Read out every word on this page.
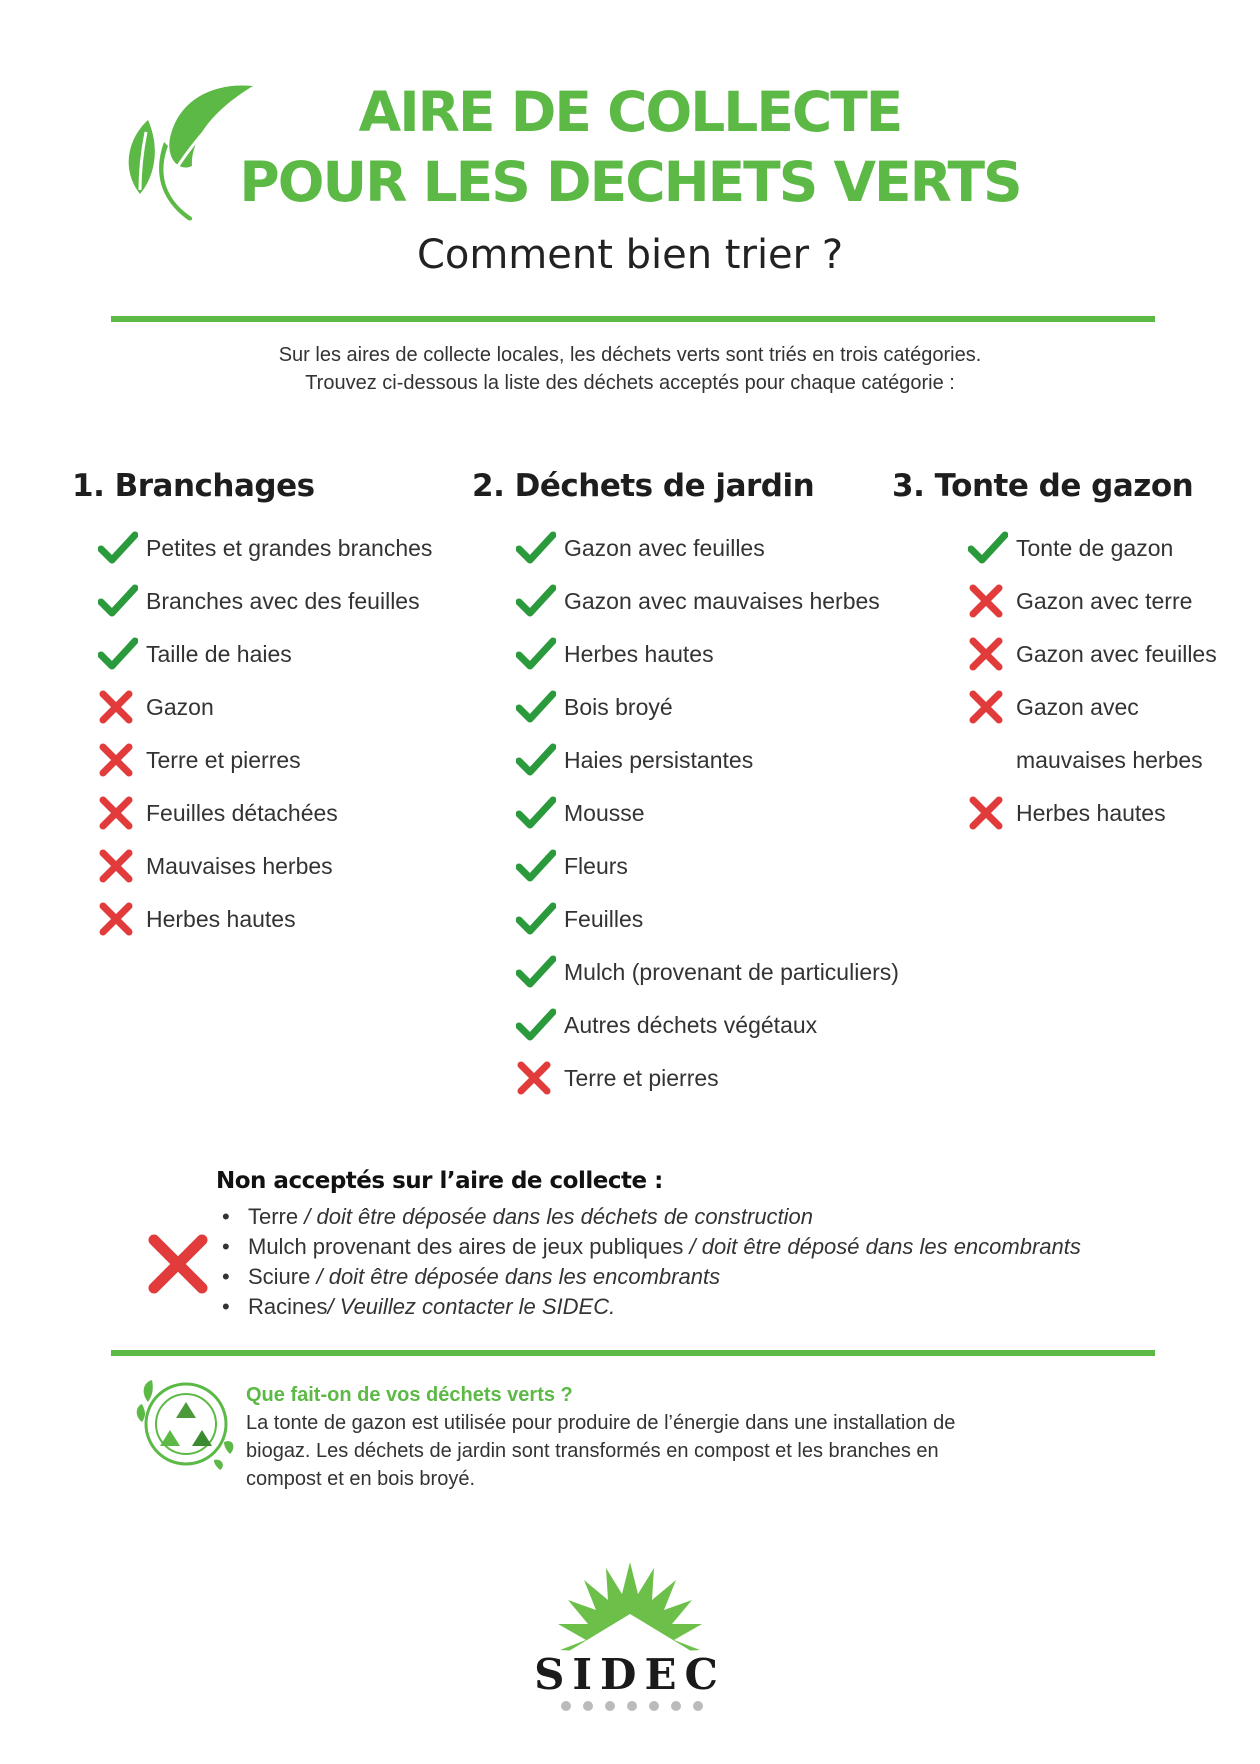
AIRE DE COLLECTE
POUR LES DECHETS VERTS
Comment bien trier ?
Sur les aires de collecte locales, les déchets verts sont triés en trois catégories.
Trouvez ci-dessous la liste des déchets acceptés pour chaque catégorie :
1. Branchages
Petites et grandes branches
Branches avec des feuilles
Taille de haies
Gazon
Terre et pierres
Feuilles détachées
Mauvaises herbes
Herbes hautes
2. Déchets de jardin
Gazon avec feuilles
Gazon avec mauvaises herbes
Herbes hautes
Bois broyé
Haies persistantes
Mousse
Fleurs
Feuilles
Mulch (provenant de particuliers)
Autres déchets végétaux
Terre et pierres
3. Tonte de gazon
Tonte de gazon
Gazon avec terre
Gazon avec feuilles
Gazon avec
mauvaises herbes
Herbes hautes
Non acceptés sur l’aire de collecte :
• Terre / doit être déposée dans les déchets de construction
• Mulch provenant des aires de jeux publiques / doit être déposé dans les encombrants
• Sciure / doit être déposée dans les encombrants
• Racines/ Veuillez contacter le SIDEC.
Que fait-on de vos déchets verts ?
La tonte de gazon est utilisée pour produire de l’énergie dans une installation de
biogaz. Les déchets de jardin sont transformés en compost et les branches en
compost et en bois broyé.
SIDEC
